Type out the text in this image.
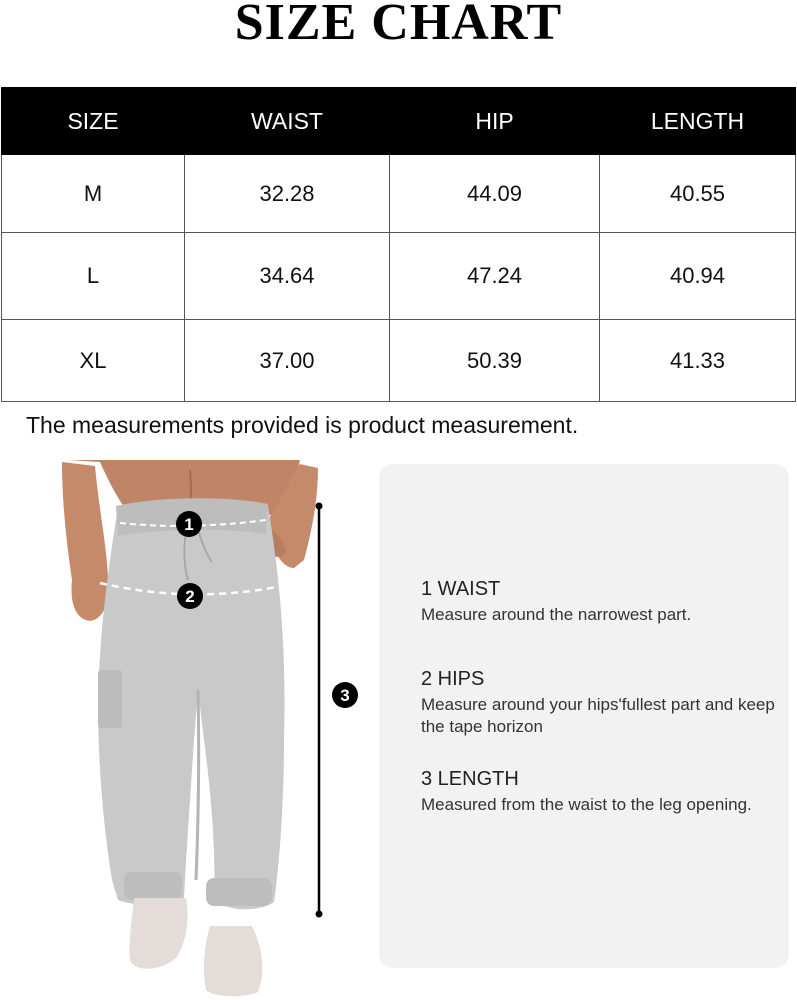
SIZE CHART
SIZE	WAIST	HIP	LENGTH
M	32.28	44.09	40.55
L	34.64	47.24	40.94
XL	37.00	50.39	41.33
The measurements provided is product measurement.
1
2
3
1 WAIST
Measure around the narrowest part.
2 HIPS
Measure around your hips'fullest part and keep the tape horizon
3 LENGTH
Measured from the waist to the leg opening.
